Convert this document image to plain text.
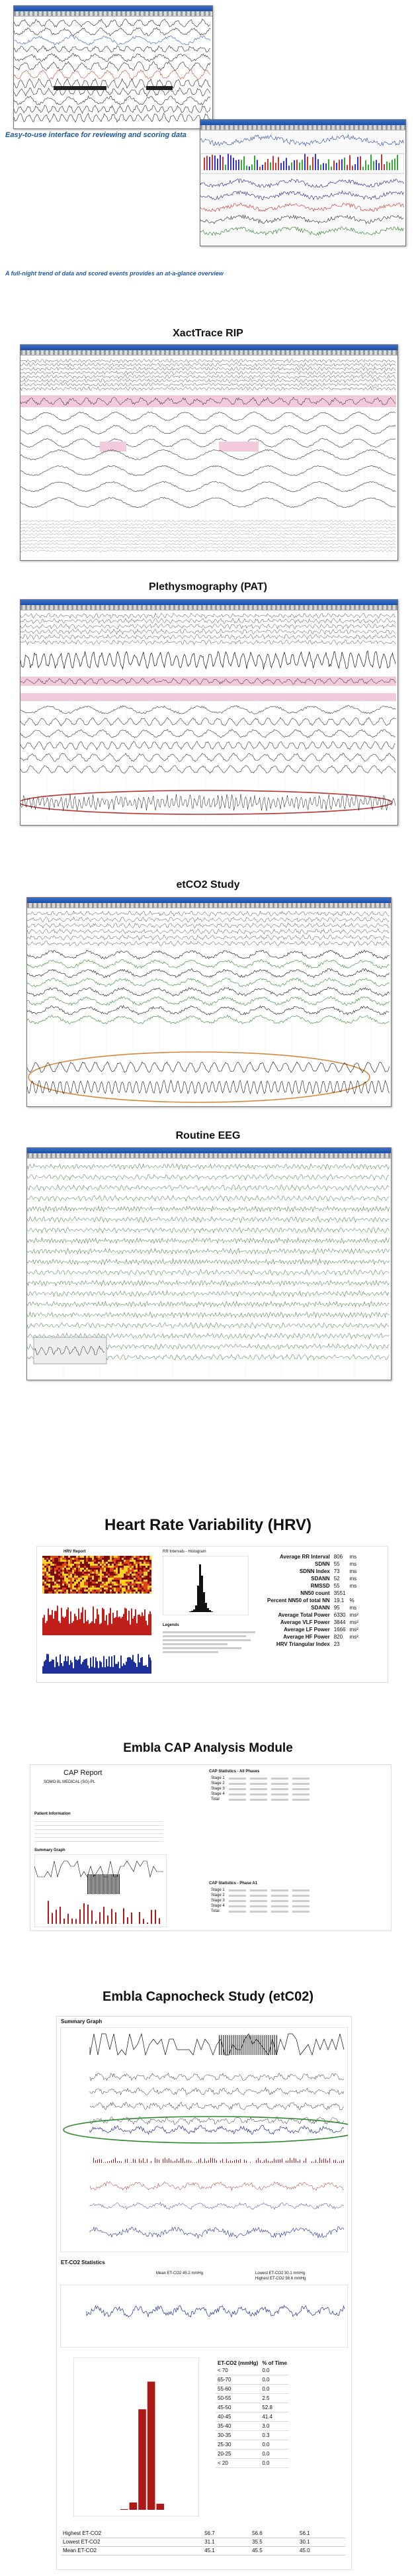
Easy-to-use interface for reviewing and scoring data
A full-night trend of data and scored events provides an at-a-glance overview
XactTrace RIP
Plethysmography (PAT)
etCO2 Study
Routine EEG
Heart Rate Variability (HRV)
HRV Report	RR Intervals - Histogram
Legends
Average RR Interval	806	ms
SDNN	55	ms
SDNN Index	73	ms
SDANN	52	ms
RMSSD	55	ms
NN50 count	3551	
Percent NN50 of total NN	19.1	%
SDANN	95	ms
Average Total Power	6330	ms²
Average VLF Power	3844	ms²
Average LF Power	1666	ms²
Average HF Power	820	ms²
HRV Triangular Index	23	
Embla CAP Analysis Module
CAP Report
SOMO 8L MEDICAL (SG) PL
Patient Information
Summary Graph
CAP Statistics - All Phases
Stage 1	

Stage 2	

Stage 3	

Stage 4	

Total	

CAP Statistics - Phase A1
Stage 1	

Stage 2	

Stage 3	

Stage 4	

Total	

Embla Capnocheck Study (etC02)
Summary Graph
ET-CO2 Statistics
Mean ET-CO2 45.2 mmHg	Lowest ET-CO2 30.1 mmHg
Highest ET-CO2 56.6 mmHg
ET-CO2 (mmHg)	% of Time
< 70	0.0
65-70	0.0
55-60	0.0
50-55	2.5
45-50	52.8
40-45	41.4
35-40	3.0
30-35	0.3
25-30	0.0
20-25	0.0
< 20	0.0
Highest ET-CO2	56.7	56.6	56.1
Lowest ET-CO2	31.1	35.5	30.1
Mean ET-CO2	45.1	45.5	45.0
